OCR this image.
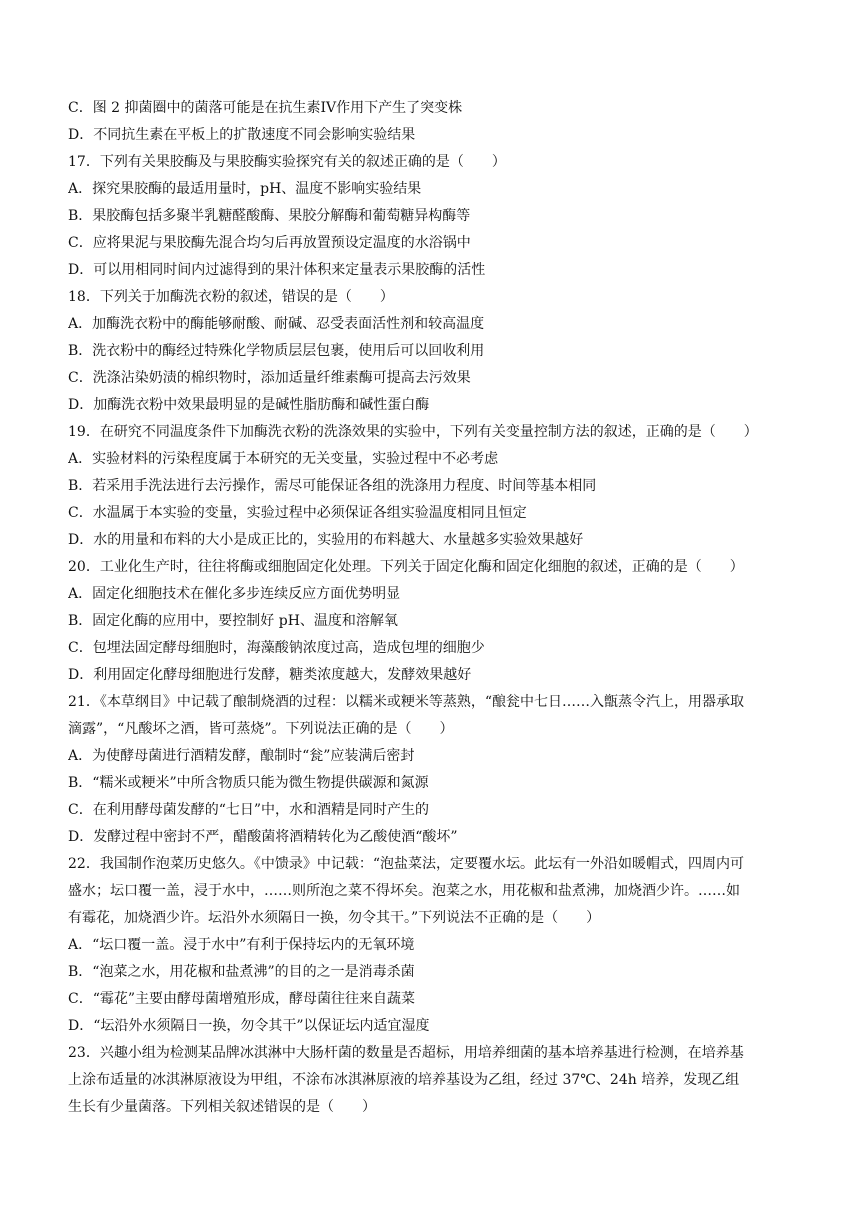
C．图 2 抑菌圈中的菌落可能是在抗生素IV作用下产生了突变株
D．不同抗生素在平板上的扩散速度不同会影响实验结果
17．下列有关果胶酶及与果胶酶实验探究有关的叙述正确的是（　　）
A．探究果胶酶的最适用量时，pH、温度不影响实验结果
B．果胶酶包括多聚半乳糖醛酸酶、果胶分解酶和葡萄糖异构酶等
C．应将果泥与果胶酶先混合均匀后再放置预设定温度的水浴锅中
D．可以用相同时间内过滤得到的果汁体积来定量表示果胶酶的活性
18．下列关于加酶洗衣粉的叙述，错误的是（　　）
A．加酶洗衣粉中的酶能够耐酸、耐碱、忍受表面活性剂和较高温度
B．洗衣粉中的酶经过特殊化学物质层层包裹，使用后可以回收利用
C．洗涤沾染奶渍的棉织物时，添加适量纤维素酶可提高去污效果
D．加酶洗衣粉中效果最明显的是碱性脂肪酶和碱性蛋白酶
19．在研究不同温度条件下加酶洗衣粉的洗涤效果的实验中，下列有关变量控制方法的叙述，正确的是（　　）
A．实验材料的污染程度属于本研究的无关变量，实验过程中不必考虑
B．若采用手洗法进行去污操作，需尽可能保证各组的洗涤用力程度、时间等基本相同
C．水温属于本实验的变量，实验过程中必须保证各组实验温度相同且恒定
D．水的用量和布料的大小是成正比的，实验用的布料越大、水量越多实验效果越好
20．工业化生产时，往往将酶或细胞固定化处理。下列关于固定化酶和固定化细胞的叙述，正确的是（　　）
A．固定化细胞技术在催化多步连续反应方面优势明显
B．固定化酶的应用中，要控制好 pH、温度和溶解氧
C．包埋法固定酵母细胞时，海藻酸钠浓度过高，造成包埋的细胞少
D．利用固定化酵母细胞进行发酵，糖类浓度越大，发酵效果越好
21．《本草纲目》中记载了酿制烧酒的过程：以糯米或粳米等蒸熟，“酿瓮中七日……入甑蒸令汽上，用器承取
滴露”，“凡酸坏之酒，皆可蒸烧”。下列说法正确的是（　　）
A．为使酵母菌进行酒精发酵，酿制时“瓮”应装满后密封
B．“糯米或粳米”中所含物质只能为微生物提供碳源和氮源
C．在利用酵母菌发酵的“七日”中，水和酒精是同时产生的
D．发酵过程中密封不严，醋酸菌将酒精转化为乙酸使酒“酸坏”
22．我国制作泡菜历史悠久。《中馈录》中记载：“泡盐菜法，定要覆水坛。此坛有一外沿如暖帽式，四周内可
盛水；坛口覆一盖，浸于水中，……则所泡之菜不得坏矣。泡菜之水，用花椒和盐煮沸，加烧酒少许。……如
有霉花，加烧酒少许。坛沿外水须隔日一换，勿令其干。”下列说法不正确的是（　　）
A．“坛口覆一盖。浸于水中”有利于保持坛内的无氧环境
B．“泡菜之水，用花椒和盐煮沸”的目的之一是消毒杀菌
C．“霉花”主要由酵母菌增殖形成，酵母菌往往来自蔬菜
D．“坛沿外水须隔日一换，勿令其干”以保证坛内适宜湿度
23．兴趣小组为检测某品牌冰淇淋中大肠杆菌的数量是否超标，用培养细菌的基本培养基进行检测，在培养基
上涂布适量的冰淇淋原液设为甲组，不涂布冰淇淋原液的培养基设为乙组，经过 37℃、24h 培养，发现乙组
生长有少量菌落。下列相关叙述错误的是（　　）
